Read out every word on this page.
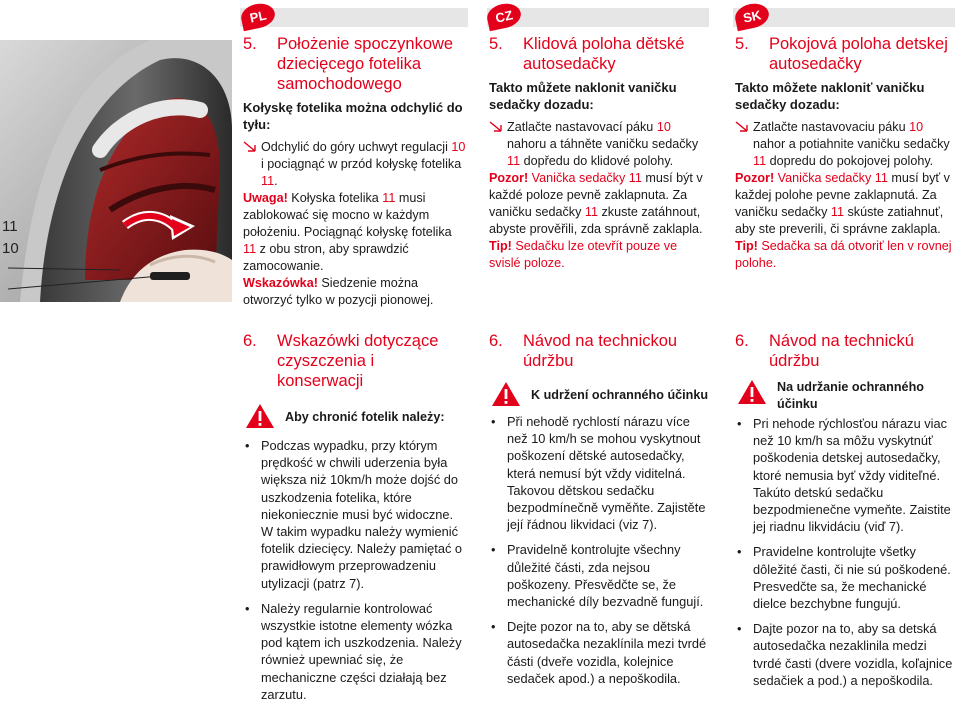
PL	CZ	SK
11
10
5. Położenie spoczynkowe dziecięcego fotelika samochodowego
Kołyskę fotelika można odchylić do tyłu:
Odchylić do góry uchwyt regulacji 10 i pociągnąć w przód kołyskę fotelika 11.
Uwaga! Kołyska fotelika 11 musi zablokować się mocno w każdym położeniu. Pociągnąć kołyskę fotelika 11 z obu stron, aby sprawdzić zamocowanie.
Wskazówka! Siedzenie można otworzyć tylko w pozycji pionowej.
5. Klidová poloha dětské autosedačky
Takto můžete naklonit vaničku sedačky dozadu:
Zatlačte nastavovací páku 10 nahoru a táhněte vaničku sedačky 11 dopředu do klidové polohy.
Pozor! Vanička sedačky 11 musí být v každé poloze pevně zaklapnuta. Za vaničku sedačky 11 zkuste zatáhnout, abyste prověřili, zda správně zaklapla.
Tip! Sedačku lze otevřít pouze ve svislé poloze.
5. Pokojová poloha detskej autosedačky
Takto môžete nakloniť vaničku sedačky dozadu:
Zatlačte nastavovaciu páku 10 nahor a potiahnite vaničku sedačky 11 dopredu do pokojovej polohy.
Pozor! Vanička sedačky 11 musí byť v každej polohe pevne zaklapnutá. Za vaničku sedačky 11 skúste zatiahnuť, aby ste preverili, či správne zaklapla.
Tip! Sedačka sa dá otvoriť len v rovnej polohe.
6. Wskazówki dotyczące czyszczenia i konserwacji
Aby chronić fotelik należy:
• Podczas wypadku, przy którym prędkość w chwili uderzenia była większa niż 10km/h może dojść do uszkodzenia fotelika, które niekoniecznie musi być widoczne. W takim wypadku należy wymienić fotelik dziecięcy. Należy pamiętać o prawidłowym przeprowadzeniu utylizacji (patrz 7).
• Należy regularnie kontrolować wszystkie istotne elementy wózka pod kątem ich uszkodzenia. Należy również upewniać się, że mechaniczne części działają bez zarzutu.
6. Návod na technickou údržbu
K udržení ochranného účinku
• Při nehodě rychlostí nárazu více než 10 km/h se mohou vyskytnout poškození dětské autosedačky, která nemusí být vždy viditelná. Takovou dětskou sedačku bezpodmínečně vyměňte. Zajistěte její řádnou likvidaci (viz 7).
• Pravidelně kontrolujte všechny důležité části, zda nejsou poškozeny. Přesvědčte se, že mechanické díly bezvadně fungují.
• Dejte pozor na to, aby se dětská autosedačka nezaklínila mezi tvrdé části (dveře vozidla, kolejnice sedaček apod.) a nepoškodila.
6. Návod na technickú údržbu
Na udržanie ochranného účinku
• Pri nehode rýchlosťou nárazu viac než 10 km/h sa môžu vyskytnúť poškodenia detskej autosedačky, ktoré nemusia byť vždy viditeľné. Takúto detskú sedačku bezpodmienečne vymeňte. Zaistite jej riadnu likvidáciu (viď 7).
• Pravidelne kontrolujte všetky dôležité časti, či nie sú poškodené. Presvedčte sa, že mechanické dielce bezchybne fungujú.
• Dajte pozor na to, aby sa detská autosedačka nezaklinila medzi tvrdé časti (dvere vozidla, koľajnice sedačiek a pod.) a nepoškodila.
